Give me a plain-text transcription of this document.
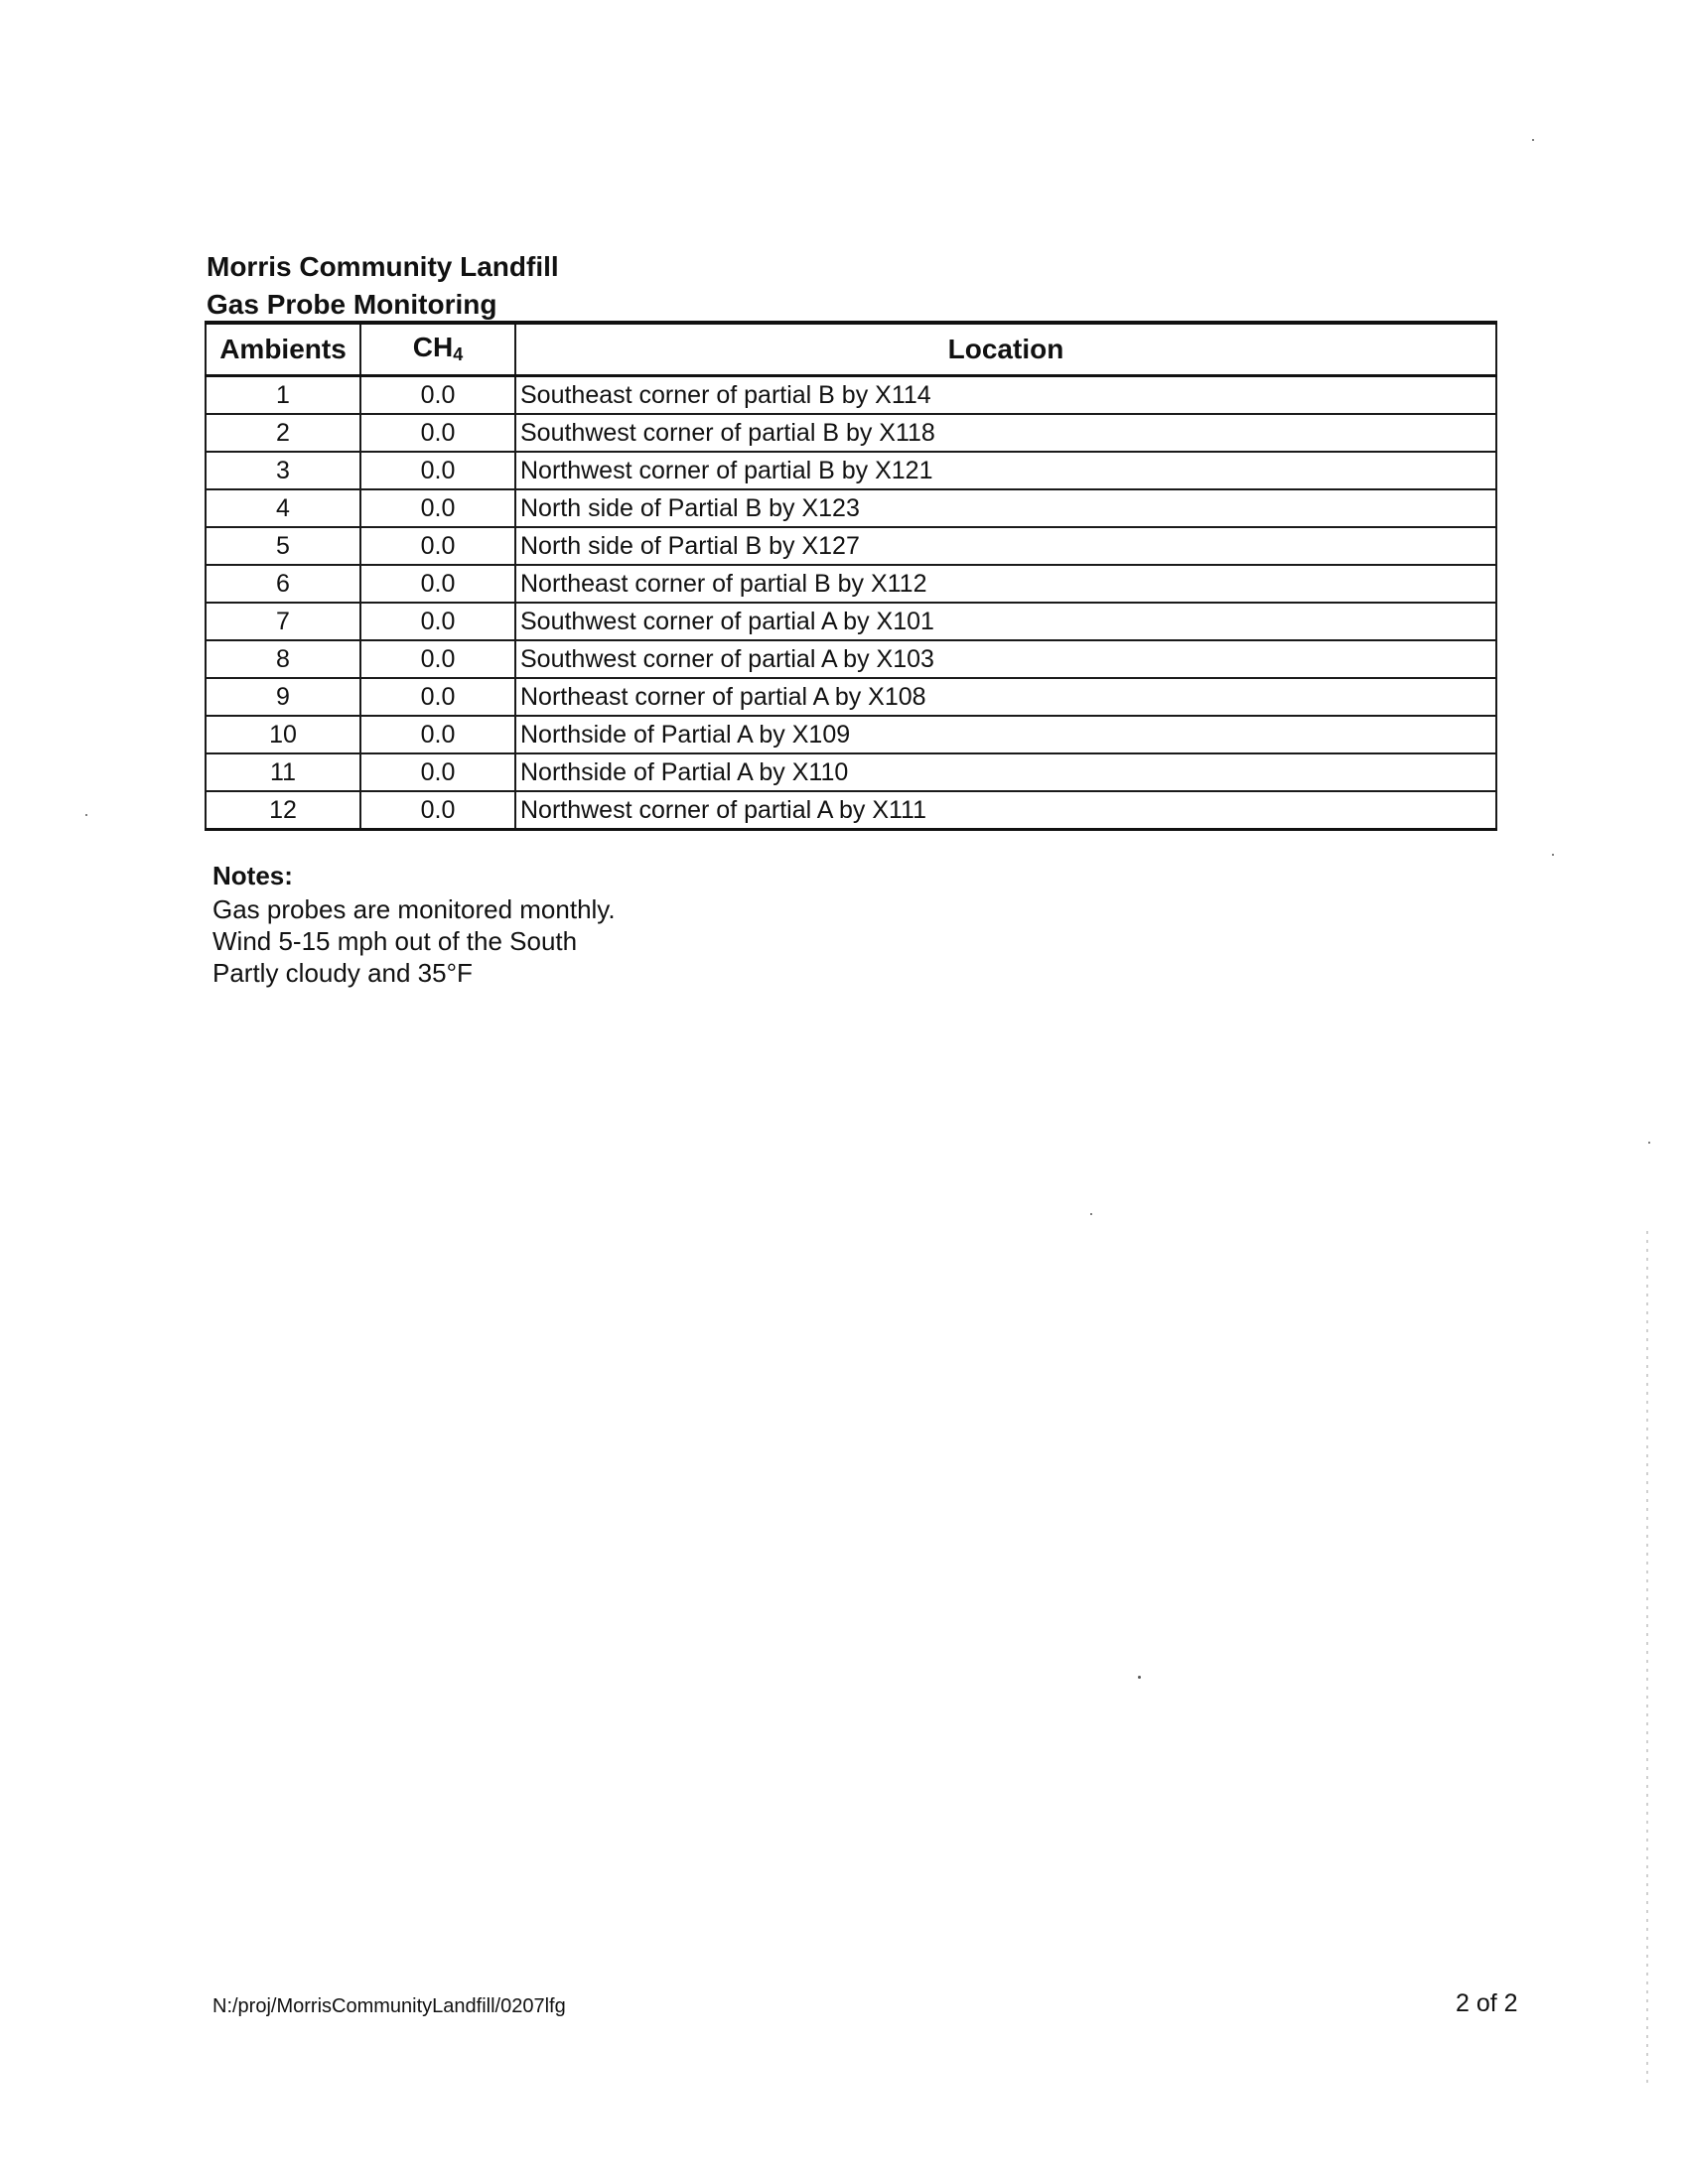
Morris Community Landfill
Gas Probe Monitoring
Ambients	$CH_4$	Location
1	0.0	Southeast corner of partial B by X114
2	0.0	Southwest corner of partial B by X118
3	0.0	Northwest corner of partial B by X121
4	0.0	North side of Partial B by X123
5	0.0	North side of Partial B by X127
6	0.0	Northeast corner of partial B by X112
7	0.0	Southwest corner of partial A by X101
8	0.0	Southwest corner of partial A by X103
9	0.0	Northeast corner of partial A by X108
10	0.0	Northside of Partial A by X109
11	0.0	Northside of Partial A by X110
12	0.0	Northwest corner of partial A by X111
Notes:
Gas probes are monitored monthly.
Wind 5-15 mph out of the South
Partly cloudy and 35°F
N:/proj/MorrisCommunityLandfill/0207lfg	2 of 2
